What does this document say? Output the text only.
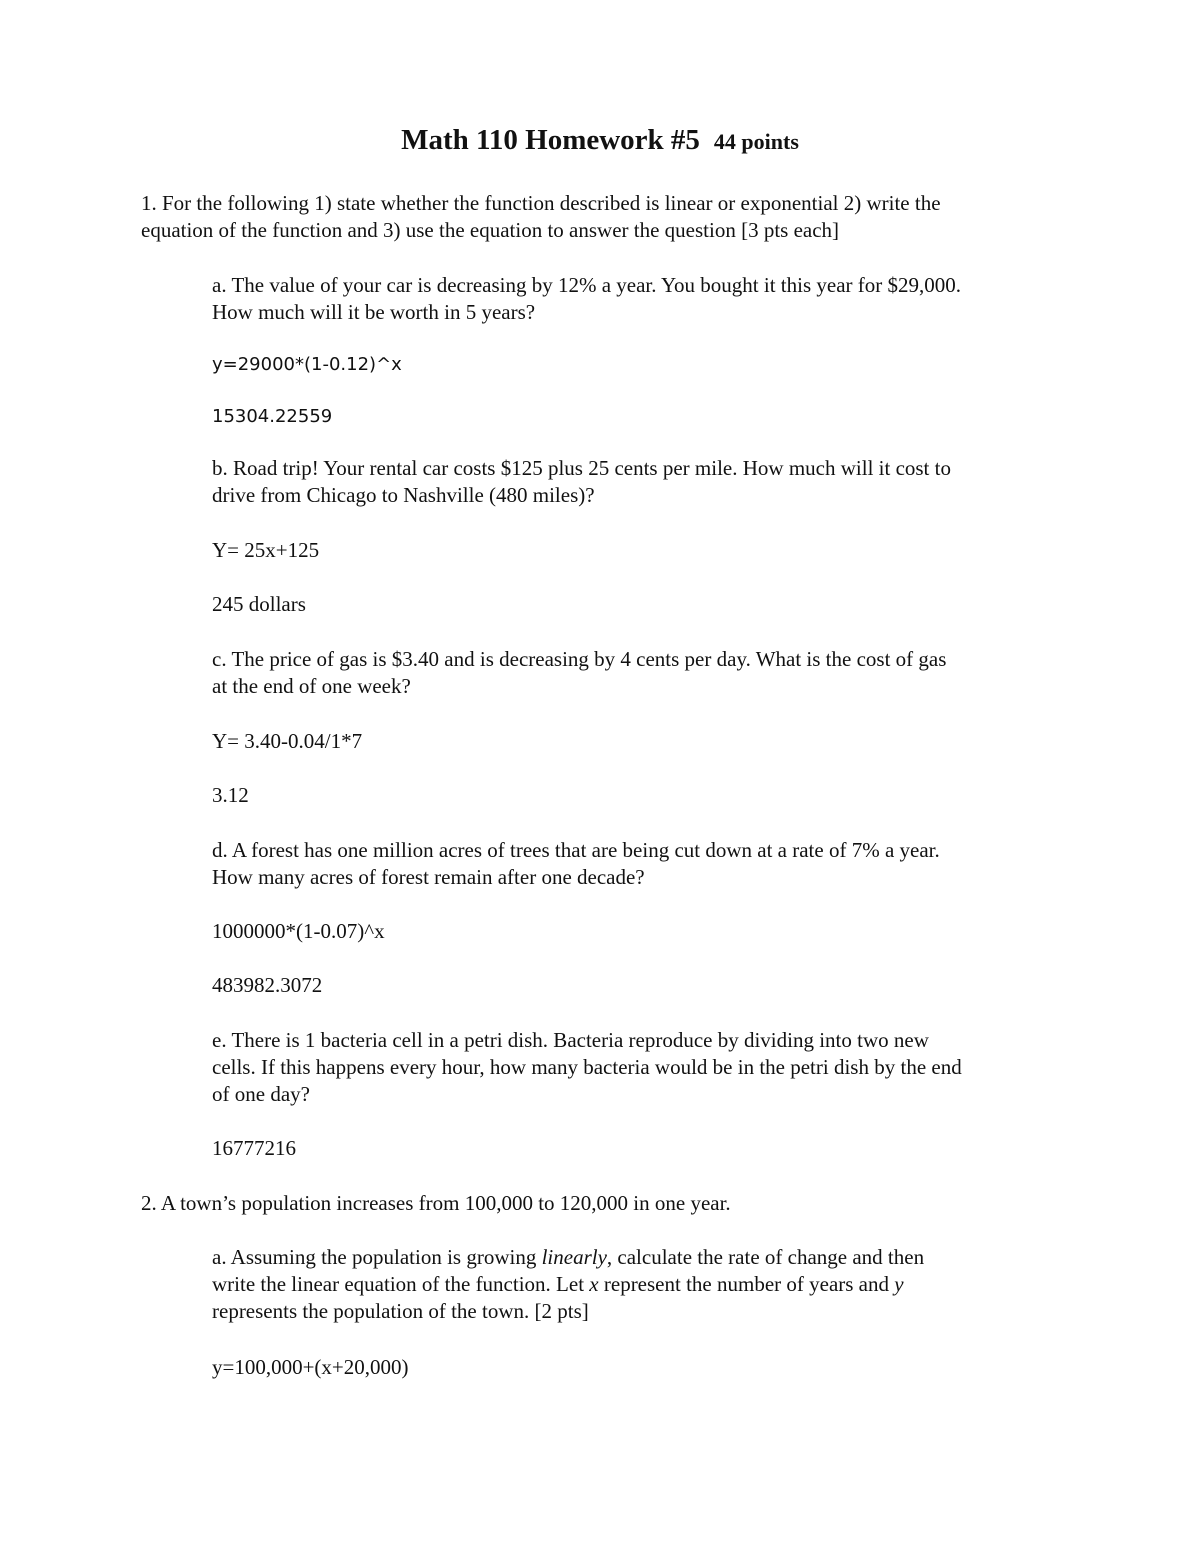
Math 110 Homework #5 44 points
1. For the following 1) state whether the function described is linear or exponential 2) write the
equation of the function and 3) use the equation to answer the question [3 pts each]
a. The value of your car is decreasing by 12% a year. You bought it this year for $29,000.
How much will it be worth in 5 years?
y=29000*(1-0.12)^x
15304.22559
b. Road trip! Your rental car costs $125 plus 25 cents per mile. How much will it cost to
drive from Chicago to Nashville (480 miles)?
Y= 25x+125
245 dollars
c. The price of gas is $3.40 and is decreasing by 4 cents per day. What is the cost of gas
at the end of one week?
Y= 3.40-0.04/1*7
3.12
d. A forest has one million acres of trees that are being cut down at a rate of 7% a year.
How many acres of forest remain after one decade?
1000000*(1-0.07)^x
483982.3072
e. There is 1 bacteria cell in a petri dish. Bacteria reproduce by dividing into two new
cells. If this happens every hour, how many bacteria would be in the petri dish by the end
of one day?
16777216
2. A town’s population increases from 100,000 to 120,000 in one year.
a. Assuming the population is growing linearly, calculate the rate of change and then
write the linear equation of the function. Let x represent the number of years and y
represents the population of the town. [2 pts]
y=100,000+(x+20,000)
